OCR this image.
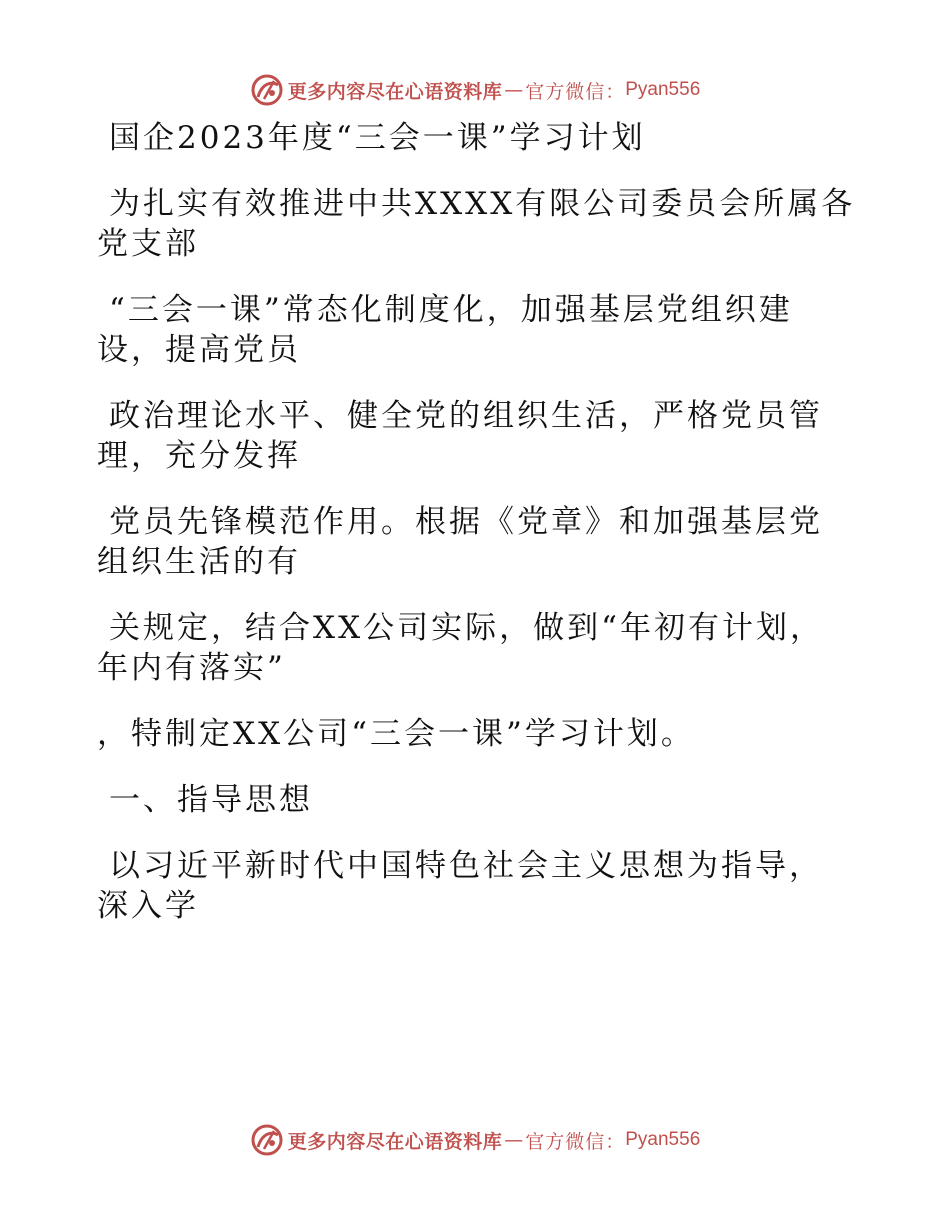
更多内容尽在心语资料库 — 官方微信： Pyan556

国企2023年度“三会一课”学习计划

为扎实有效推进中共XXXX有限公司委员会所属各

党支部

“三会一课”常态化制度化，加强基层党组织建

设，提高党员

政治理论水平、健全党的组织生活，严格党员管

理，充分发挥

党员先锋模范作用。根据《党章》和加强基层党

组织生活的有

关规定，结合XX公司实际，做到“年初有计划，

年内有落实”

，特制定XX公司“三会一课”学习计划。

一、指导思想

以习近平新时代中国特色社会主义思想为指导，

深入学

更多内容尽在心语资料库 — 官方微信： Pyan556
